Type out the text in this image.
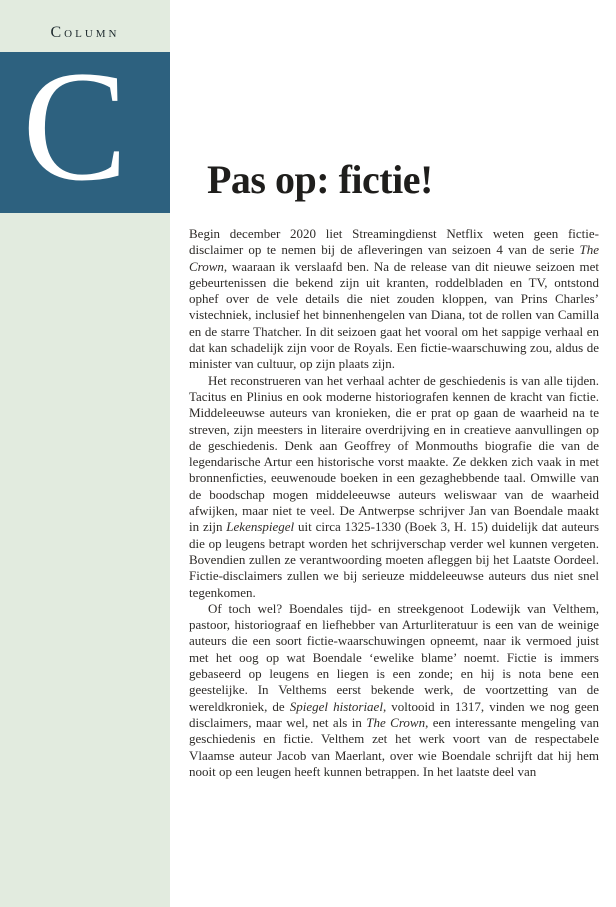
Column
C Pas op: fictie!

Begin december 2020 liet Streamingdienst Netflix weten geen fictie-disclaimer op te nemen bij de afleveringen van seizoen 4 van de serie The Crown, waaraan ik verslaafd ben. Na de release van dit nieuwe seizoen met gebeurtenissen die bekend zijn uit kranten, roddelbladen en TV, ontstond ophef over de vele details die niet zouden kloppen, van Prins Charles’ vistechniek, inclusief het binnenhengelen van Diana, tot de rollen van Camilla en de starre Thatcher. In dit seizoen gaat het vooral om het sappige verhaal en dat kan schadelijk zijn voor de Royals. Een fictie-waarschuwing zou, aldus de minister van cultuur, op zijn plaats zijn.

Het reconstrueren van het verhaal achter de geschiedenis is van alle tijden. Tacitus en Plinius en ook moderne historiografen kennen de kracht van fictie. Middeleeuwse auteurs van kronieken, die er prat op gaan de waarheid na te streven, zijn meesters in literaire overdrijving en in creatieve aanvullingen op de geschiedenis. Denk aan Geoffrey of Monmouths biografie die van de legendarische Artur een historische vorst maakte. Ze dekken zich vaak in met bronnenficties, eeuwenoude boeken in een gezaghebbende taal. Omwille van de boodschap mogen middeleeuwse auteurs weliswaar van de waarheid afwijken, maar niet te veel. De Antwerpse schrijver Jan van Boendale maakt in zijn Lekenspiegel uit circa 1325-1330 (Boek 3, H. 15) duidelijk dat auteurs die op leugens betrapt worden het schrijverschap verder wel kunnen vergeten. Bovendien zullen ze verantwoording moeten afleggen bij het Laatste Oordeel. Fictie-disclaimers zullen we bij serieuze middeleeuwse auteurs dus niet snel tegenkomen.

Of toch wel? Boendales tijd- en streekgenoot Lodewijk van Velthem, pastoor, historiograaf en liefhebber van Arturliteratuur is een van de weinige auteurs die een soort fictie-waarschuwingen opneemt, naar ik vermoed juist met het oog op wat Boendale ‘ewelike blame’ noemt. Fictie is immers gebaseerd op leugens en liegen is een zonde; en hij is nota bene een geestelijke. In Velthems eerst bekende werk, de voortzetting van de wereldkroniek, de Spiegel historiael, voltooid in 1317, vinden we nog geen disclaimers, maar wel, net als in The Crown, een interessante mengeling van geschiedenis en fictie. Velthem zet het werk voort van de respectabele Vlaamse auteur Jacob van Maerlant, over wie Boendale schrijft dat hij hem nooit op een leugen heeft kunnen betrappen. In het laatste deel van
